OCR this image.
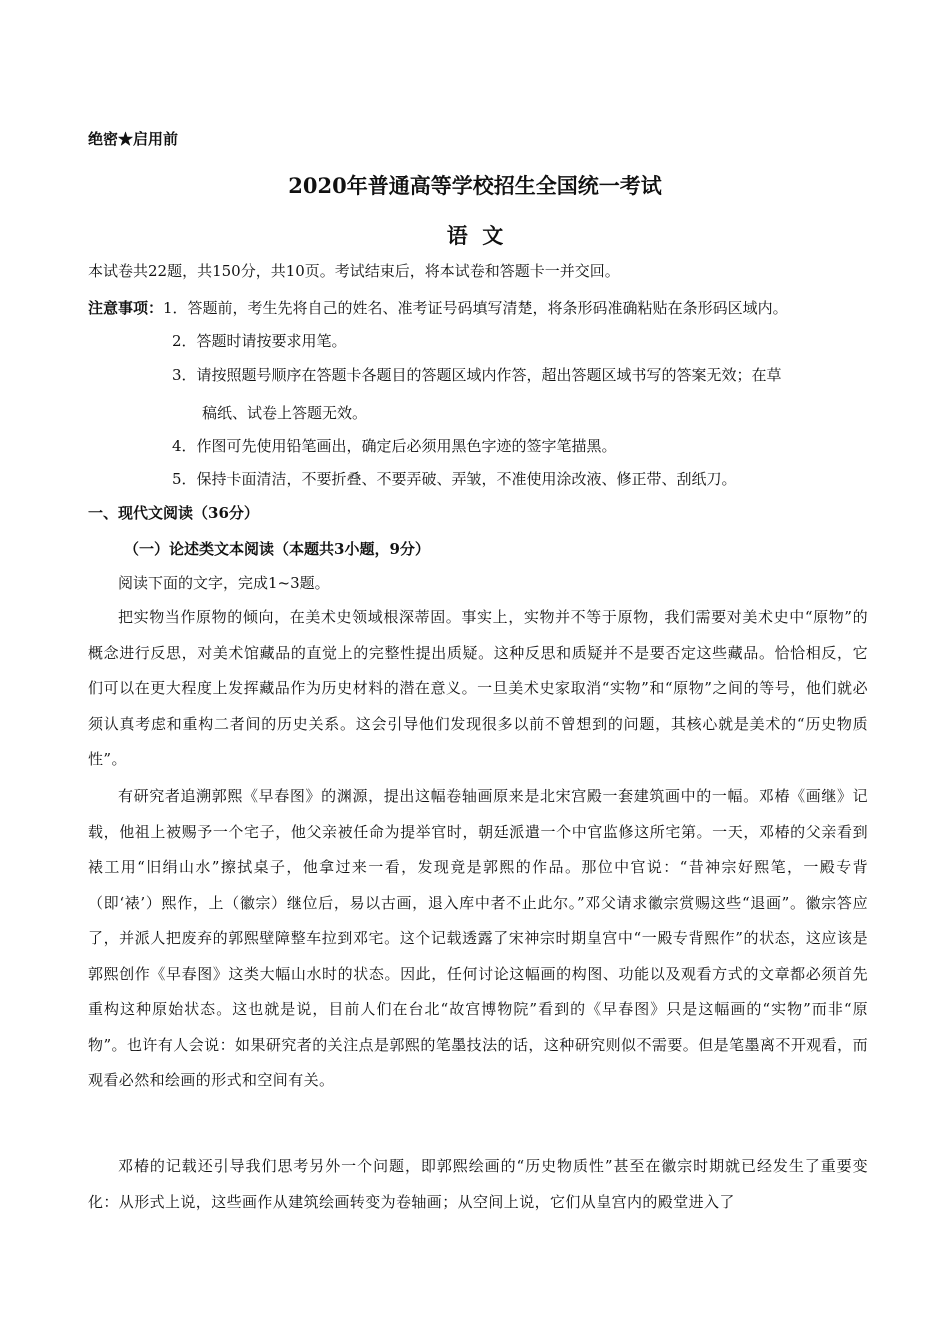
绝密★启用前
2020年普通高等学校招生全国统一考试
语  文
本试卷共22题，共150分，共10页。考试结束后，将本试卷和答题卡一并交回。
注意事项：1．答题前，考生先将自己的姓名、准考证号码填写清楚，将条形码准确粘贴在条形码区域内。
2．答题时请按要求用笔。
3．请按照题号顺序在答题卡各题目的答题区域内作答，超出答题区域书写的答案无效；在草
稿纸、试卷上答题无效。
4．作图可先使用铅笔画出，确定后必须用黑色字迹的签字笔描黑。
5．保持卡面清洁，不要折叠、不要弄破、弄皱，不准使用涂改液、修正带、刮纸刀。
一、现代文阅读（36分）
（一）论述类文本阅读（本题共3小题，9分）
阅读下面的文字，完成1~3题。
把实物当作原物的倾向，在美术史领域根深蒂固。事实上，实物并不等于原物，我们需要对美术史中“原物”的概念进行反思，对美术馆藏品的直觉上的完整性提出质疑。这种反思和质疑并不是要否定这些藏品。恰恰相反，它们可以在更大程度上发挥藏品作为历史材料的潜在意义。一旦美术史家取消“实物”和“原物”之间的等号，他们就必须认真考虑和重构二者间的历史关系。这会引导他们发现很多以前不曾想到的问题，其核心就是美术的“历史物质性”。
有研究者追溯郭熙《早春图》的渊源，提出这幅卷轴画原来是北宋宫殿一套建筑画中的一幅。邓椿《画继》记载，他祖上被赐予一个宅子，他父亲被任命为提举官时，朝廷派遣一个中官监修这所宅第。一天，邓椿的父亲看到裱工用“旧绢山水”擦拭桌子，他拿过来一看，发现竟是郭熙的作品。那位中官说：“昔神宗好熙笔，一殿专背（即‘裱’）熙作，上（徽宗）继位后，易以古画，退入库中者不止此尔。”邓父请求徽宗赏赐这些“退画”。徽宗答应了，并派人把废弃的郭熙壁障整车拉到邓宅。这个记载透露了宋神宗时期皇宫中“一殿专背熙作”的状态，这应该是郭熙创作《早春图》这类大幅山水时的状态。因此，任何讨论这幅画的构图、功能以及观看方式的文章都必须首先重构这种原始状态。这也就是说，目前人们在台北“故宫博物院”看到的《早春图》只是这幅画的“实物”而非“原物”。也许有人会说：如果研究者的关注点是郭熙的笔墨技法的话，这种研究则似不需要。但是笔墨离不开观看，而观看必然和绘画的形式和空间有关。
邓椿的记载还引导我们思考另外一个问题，即郭熙绘画的“历史物质性”甚至在徽宗时期就已经发生了重要变化：从形式上说，这些画作从建筑绘画转变为卷轴画；从空间上说，它们从皇宫内的殿堂进入了
